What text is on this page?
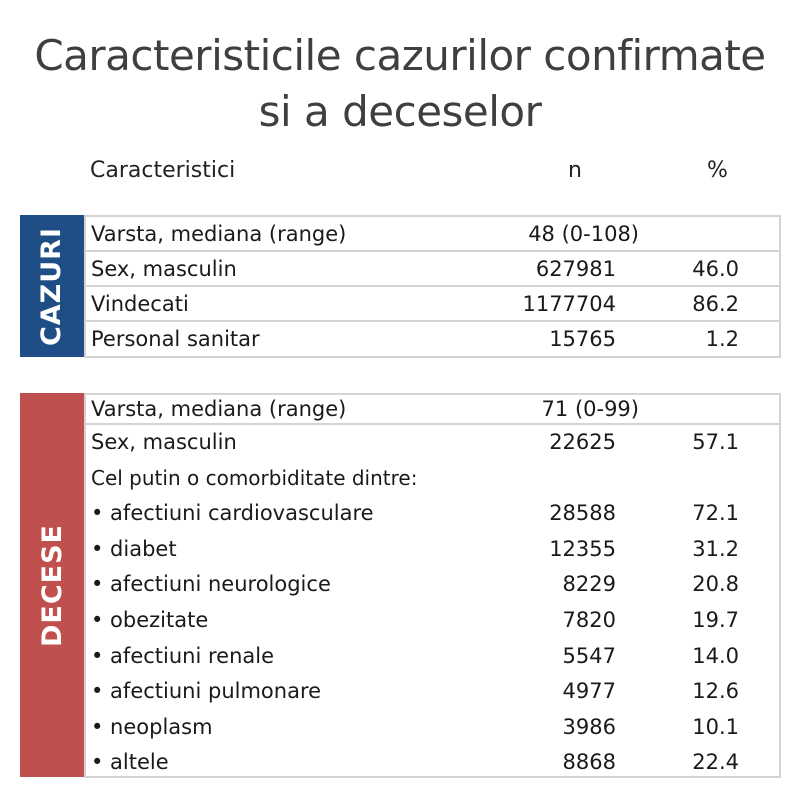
Caracteristicile cazurilor confirmate
si a deceselor
Caracteristici	n	%
CAZURI Varsta, mediana (range)	48 (0-108)
Sex, masculin	627981	46.0
Vindecati	1177704	86.2
Personal sanitar	15765	1.2
DECESE
Varsta, mediana (range)	71 (0-99)
Sex, masculin	22625	57.1
Cel putin o comorbiditate dintre:
• afectiuni cardiovasculare	28588	72.1
• diabet	12355	31.2
• afectiuni neurologice	8229	20.8
• obezitate	7820	19.7
• afectiuni renale	5547	14.0
• afectiuni pulmonare	4977	12.6
• neoplasm	3986	10.1
• altele	8868	22.4
